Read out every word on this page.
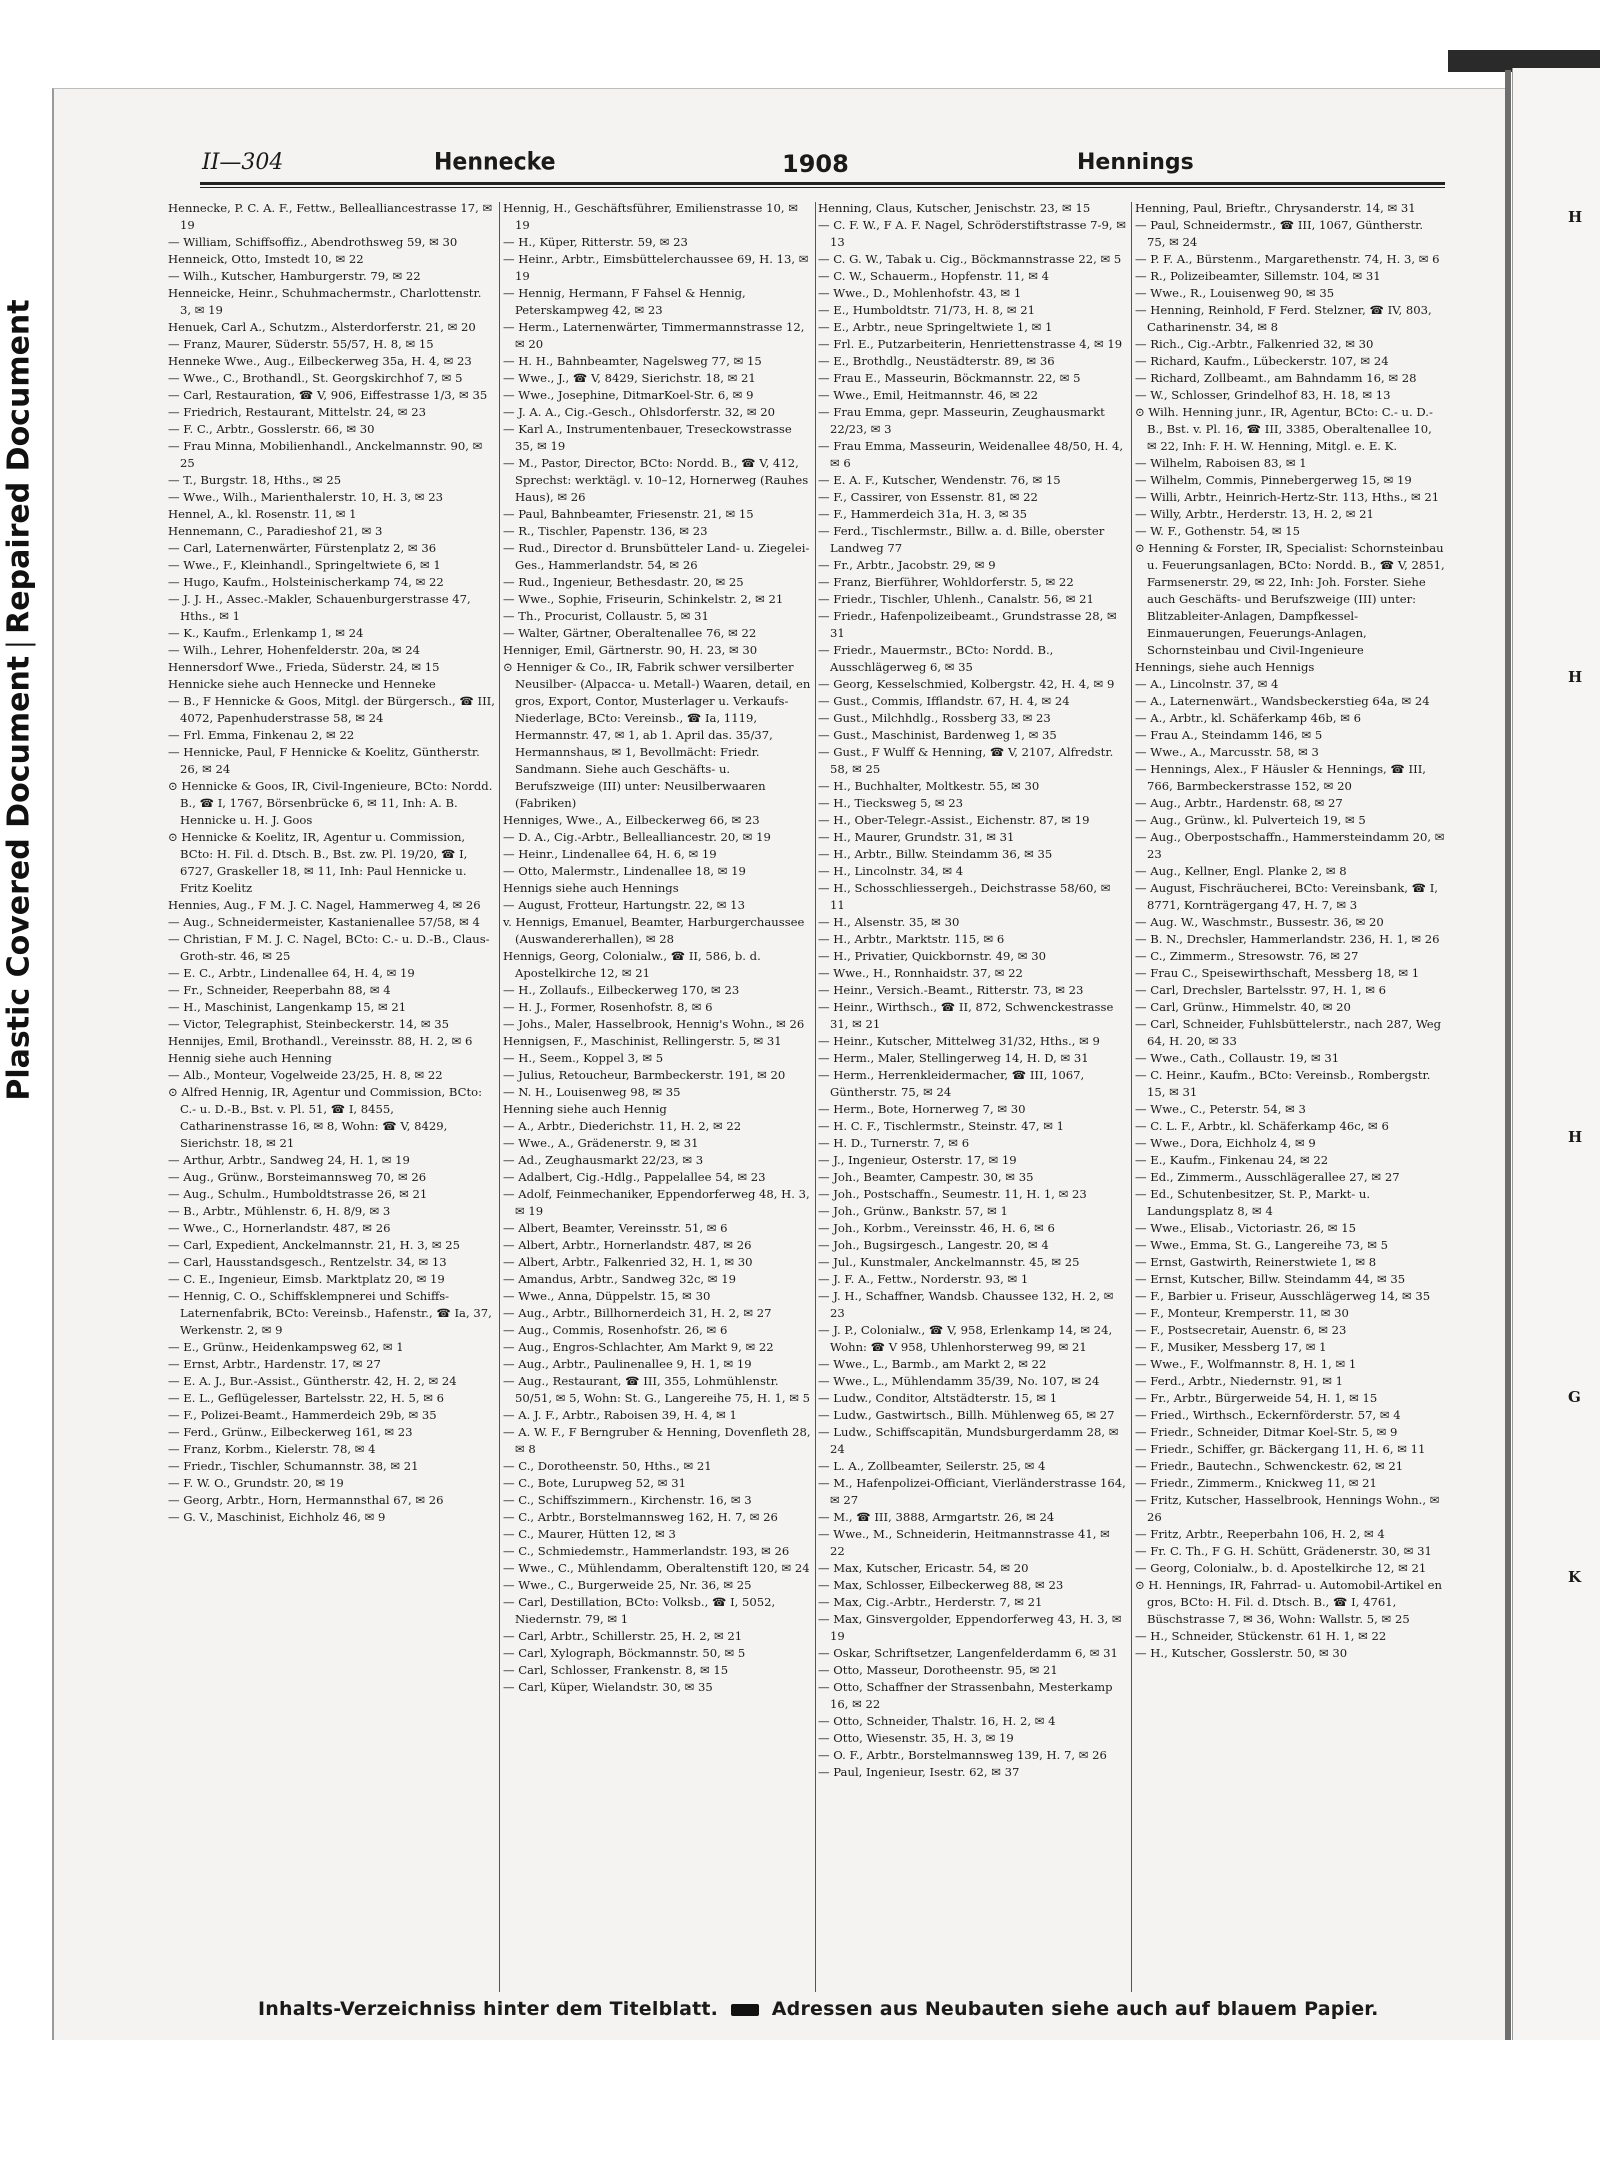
Plastic Covered DocumentRepaired Document
H
H
H
G
K
II—304	Hennecke	1908	Hennings

Hennecke, P. C. A. F., Fettw., Bellealliancestrasse 17, ✉ 19

— William, Schiffsoffiz., Abendrothsweg 59, ✉ 30

Henneick, Otto, Imstedt 10, ✉ 22

— Wilh., Kutscher, Hamburgerstr. 79, ✉ 22

Henneicke, Heinr., Schuhmachermstr., Charlottenstr. 3, ✉ 19

Henuek, Carl A., Schutzm., Alsterdorferstr. 21, ✉ 20

— Franz, Maurer, Süderstr. 55/57, H. 8, ✉ 15

Henneke Wwe., Aug., Eilbeckerweg 35a, H. 4, ✉ 23

— Wwe., C., Brothandl., St. Georgskirchhof 7, ✉ 5

— Carl, Restauration, ☎ V, 906, Eiffestrasse 1/3, ✉ 35

— Friedrich, Restaurant, Mittelstr. 24, ✉ 23

— F. C., Arbtr., Gosslerstr. 66, ✉ 30

— Frau Minna, Mobilienhandl., Anckelmannstr. 90, ✉ 25

— T., Burgstr. 18, Hths., ✉ 25

— Wwe., Wilh., Marienthalerstr. 10, H. 3, ✉ 23

Hennel, A., kl. Rosenstr. 11, ✉ 1

Hennemann, C., Paradieshof 21, ✉ 3

— Carl, Laternenwärter, Fürstenplatz 2, ✉ 36

— Wwe., F., Kleinhandl., Springeltwiete 6, ✉ 1

— Hugo, Kaufm., Holsteinischerkamp 74, ✉ 22

— J. J. H., Assec.-Makler, Schauenburgerstrasse 47, Hths., ✉ 1

— K., Kaufm., Erlenkamp 1, ✉ 24

— Wilh., Lehrer, Hohenfelderstr. 20a, ✉ 24

Hennersdorf Wwe., Frieda, Süderstr. 24, ✉ 15

Hennicke siehe auch Hennecke und Henneke

— B., F Hennicke & Goos, Mitgl. der Bürgersch., ☎ III, 4072, Papenhuderstrasse 58, ✉ 24

— Frl. Emma, Finkenau 2, ✉ 22

— Hennicke, Paul, F Hennicke & Koelitz, Güntherstr. 26, ✉ 24

⊙ Hennicke & Goos, IR, Civil-Ingenieure, BCto: Nordd. B., ☎ I, 1767, Börsenbrücke 6, ✉ 11, Inh: A. B. Hennicke u. H. J. Goos

⊙ Hennicke & Koelitz, IR, Agentur u. Commission, BCto: H. Fil. d. Dtsch. B., Bst. zw. Pl. 19/20, ☎ I, 6727, Graskeller 18, ✉ 11, Inh: Paul Hennicke u. Fritz Koelitz

Hennies, Aug., F M. J. C. Nagel, Hammerweg 4, ✉ 26

— Aug., Schneidermeister, Kastanienallee 57/58, ✉ 4

— Christian, F M. J. C. Nagel, BCto: C.- u. D.-B., Claus-Groth-str. 46, ✉ 25

— E. C., Arbtr., Lindenallee 64, H. 4, ✉ 19

— Fr., Schneider, Reeperbahn 88, ✉ 4

— H., Maschinist, Langenkamp 15, ✉ 21

— Victor, Telegraphist, Steinbeckerstr. 14, ✉ 35

Hennijes, Emil, Brothandl., Vereinsstr. 88, H. 2, ✉ 6

Hennig siehe auch Henning

— Alb., Monteur, Vogelweide 23/25, H. 8, ✉ 22

⊙ Alfred Hennig, IR, Agentur und Commission, BCto: C.- u. D.-B., Bst. v. Pl. 51, ☎ I, 8455, Catharinenstrasse 16, ✉ 8, Wohn: ☎ V, 8429, Sierichstr. 18, ✉ 21

— Arthur, Arbtr., Sandweg 24, H. 1, ✉ 19

— Aug., Grünw., Borsteimannsweg 70, ✉ 26

— Aug., Schulm., Humboldtstrasse 26, ✉ 21

— B., Arbtr., Mühlenstr. 6, H. 8/9, ✉ 3

— Wwe., C., Hornerlandstr. 487, ✉ 26

— Carl, Expedient, Anckelmannstr. 21, H. 3, ✉ 25

— Carl, Hausstandsgesch., Rentzelstr. 34, ✉ 13

— C. E., Ingenieur, Eimsb. Marktplatz 20, ✉ 19

— Hennig, C. O., Schiffsklempnerei und Schiffs-Laternenfabrik, BCto: Vereinsb., Hafenstr., ☎ Ia, 37, Werkenstr. 2, ✉ 9

— E., Grünw., Heidenkampsweg 62, ✉ 1

— Ernst, Arbtr., Hardenstr. 17, ✉ 27

— E. A. J., Bur.-Assist., Güntherstr. 42, H. 2, ✉ 24

— E. L., Geflügelesser, Bartelsstr. 22, H. 5, ✉ 6

— F., Polizei-Beamt., Hammerdeich 29b, ✉ 35

— Ferd., Grünw., Eilbeckerweg 161, ✉ 23

— Franz, Korbm., Kielerstr. 78, ✉ 4

— Friedr., Tischler, Schumannstr. 38, ✉ 21

— F. W. O., Grundstr. 20, ✉ 19

— Georg, Arbtr., Horn, Hermannsthal 67, ✉ 26

— G. V., Maschinist, Eichholz 46, ✉ 9

Hennig, H., Geschäftsführer, Emilienstrasse 10, ✉ 19

— H., Küper, Ritterstr. 59, ✉ 23

— Heinr., Arbtr., Eimsbüttelerchaussee 69, H. 13, ✉ 19

— Hennig, Hermann, F Fahsel & Hennig, Peterskampweg 42, ✉ 23

— Herm., Laternenwärter, Timmermannstrasse 12, ✉ 20

— H. H., Bahnbeamter, Nagelsweg 77, ✉ 15

— Wwe., J., ☎ V, 8429, Sierichstr. 18, ✉ 21

— Wwe., Josephine, DitmarKoel-Str. 6, ✉ 9

— J. A. A., Cig.-Gesch., Ohlsdorferstr. 32, ✉ 20

— Karl A., Instrumentenbauer, Treseckowstrasse 35, ✉ 19

— M., Pastor, Director, BCto: Nordd. B., ☎ V, 412, Sprechst: werktägl. v. 10–12, Hornerweg (Rauhes Haus), ✉ 26

— Paul, Bahnbeamter, Friesenstr. 21, ✉ 15

— R., Tischler, Papenstr. 136, ✉ 23

— Rud., Director d. Brunsbütteler Land- u. Ziegelei-Ges., Hammerlandstr. 54, ✉ 26

— Rud., Ingenieur, Bethesdastr. 20, ✉ 25

— Wwe., Sophie, Friseurin, Schinkelstr. 2, ✉ 21

— Th., Procurist, Collaustr. 5, ✉ 31

— Walter, Gärtner, Oberaltenallee 76, ✉ 22

Henniger, Emil, Gärtnerstr. 90, H. 23, ✉ 30

⊙ Henniger & Co., IR, Fabrik schwer versilberter Neusilber- (Alpacca- u. Metall-) Waaren, detail, en gros, Export, Contor, Musterlager u. Verkaufs-Niederlage, BCto: Vereinsb., ☎ Ia, 1119, Hermannstr. 47, ✉ 1, ab 1. April das. 35/37, Hermannshaus, ✉ 1, Bevollmächt: Friedr. Sandmann. Siehe auch Geschäfts- u. Berufszweige (III) unter: Neusilberwaaren (Fabriken)

Henniges, Wwe., A., Eilbeckerweg 66, ✉ 23

— D. A., Cig.-Arbtr., Bellealliancestr. 20, ✉ 19

— Heinr., Lindenallee 64, H. 6, ✉ 19

— Otto, Malermstr., Lindenallee 18, ✉ 19

Hennigs siehe auch Hennings

— August, Frotteur, Hartungstr. 22, ✉ 13

v. Hennigs, Emanuel, Beamter, Harburgerchaussee (Auswandererhallen), ✉ 28

Hennigs, Georg, Colonialw., ☎ II, 586, b. d. Apostelkirche 12, ✉ 21

— H., Zollaufs., Eilbeckerweg 170, ✉ 23

— H. J., Former, Rosenhofstr. 8, ✉ 6

— Johs., Maler, Hasselbrook, Hennig's Wohn., ✉ 26

Hennigsen, F., Maschinist, Rellingerstr. 5, ✉ 31

— H., Seem., Koppel 3, ✉ 5

— Julius, Retoucheur, Barmbeckerstr. 191, ✉ 20

— N. H., Louisenweg 98, ✉ 35

Henning siehe auch Hennig

— A., Arbtr., Diederichstr. 11, H. 2, ✉ 22

— Wwe., A., Grädenerstr. 9, ✉ 31

— Ad., Zeughausmarkt 22/23, ✉ 3

— Adalbert, Cig.-Hdlg., Pappelallee 54, ✉ 23

— Adolf, Feinmechaniker, Eppendorferweg 48, H. 3, ✉ 19

— Albert, Beamter, Vereinsstr. 51, ✉ 6

— Albert, Arbtr., Hornerlandstr. 487, ✉ 26

— Albert, Arbtr., Falkenried 32, H. 1, ✉ 30

— Amandus, Arbtr., Sandweg 32c, ✉ 19

— Wwe., Anna, Düppelstr. 15, ✉ 30

— Aug., Arbtr., Billhornerdeich 31, H. 2, ✉ 27

— Aug., Commis, Rosenhofstr. 26, ✉ 6

— Aug., Engros-Schlachter, Am Markt 9, ✉ 22

— Aug., Arbtr., Paulinenallee 9, H. 1, ✉ 19

— Aug., Restaurant, ☎ III, 355, Lohmühlenstr. 50/51, ✉ 5, Wohn: St. G., Langereihe 75, H. 1, ✉ 5

— A. J. F., Arbtr., Raboisen 39, H. 4, ✉ 1

— A. W. F., F Berngruber & Henning, Dovenfleth 28, ✉ 8

— C., Dorotheenstr. 50, Hths., ✉ 21

— C., Bote, Lurupweg 52, ✉ 31

— C., Schiffszimmern., Kirchenstr. 16, ✉ 3

— C., Arbtr., Borstelmannsweg 162, H. 7, ✉ 26

— C., Maurer, Hütten 12, ✉ 3

— C., Schmiedemstr., Hammerlandstr. 193, ✉ 26

— Wwe., C., Mühlendamm, Oberaltenstift 120, ✉ 24

— Wwe., C., Burgerweide 25, Nr. 36, ✉ 25

— Carl, Destillation, BCto: Volksb., ☎ I, 5052, Niedernstr. 79, ✉ 1

— Carl, Arbtr., Schillerstr. 25, H. 2, ✉ 21

— Carl, Xylograph, Böckmannstr. 50, ✉ 5

— Carl, Schlosser, Frankenstr. 8, ✉ 15

— Carl, Küper, Wielandstr. 30, ✉ 35

Henning, Claus, Kutscher, Jenischstr. 23, ✉ 15

— C. F. W., F A. F. Nagel, Schröderstiftstrasse 7-9, ✉ 13

— C. G. W., Tabak u. Cig., Böckmannstrasse 22, ✉ 5

— C. W., Schauerm., Hopfenstr. 11, ✉ 4

— Wwe., D., Mohlenhofstr. 43, ✉ 1

— E., Humboldtstr. 71/73, H. 8, ✉ 21

— E., Arbtr., neue Springeltwiete 1, ✉ 1

— Frl. E., Putzarbeiterin, Henriettenstrasse 4, ✉ 19

— E., Brothdlg., Neustädterstr. 89, ✉ 36

— Frau E., Masseurin, Böckmannstr. 22, ✉ 5

— Wwe., Emil, Heitmannstr. 46, ✉ 22

— Frau Emma, gepr. Masseurin, Zeughausmarkt 22/23, ✉ 3

— Frau Emma, Masseurin, Weidenallee 48/50, H. 4, ✉ 6

— E. A. F., Kutscher, Wendenstr. 76, ✉ 15

— F., Cassirer, von Essenstr. 81, ✉ 22

— F., Hammerdeich 31a, H. 3, ✉ 35

— Ferd., Tischlermstr., Billw. a. d. Bille, oberster Landweg 77

— Fr., Arbtr., Jacobstr. 29, ✉ 9

— Franz, Bierführer, Wohldorferstr. 5, ✉ 22

— Friedr., Tischler, Uhlenh., Canalstr. 56, ✉ 21

— Friedr., Hafenpolizeibeamt., Grundstrasse 28, ✉ 31

— Friedr., Mauermstr., BCto: Nordd. B., Ausschlägerweg 6, ✉ 35

— Georg, Kesselschmied, Kolbergstr. 42, H. 4, ✉ 9

— Gust., Commis, Ifflandstr. 67, H. 4, ✉ 24

— Gust., Milchhdlg., Rossberg 33, ✉ 23

— Gust., Maschinist, Bardenweg 1, ✉ 35

— Gust., F Wulff & Henning, ☎ V, 2107, Alfredstr. 58, ✉ 25

— H., Buchhalter, Moltkestr. 55, ✉ 30

— H., Tiecksweg 5, ✉ 23

— H., Ober-Telegr.-Assist., Eichenstr. 87, ✉ 19

— H., Maurer, Grundstr. 31, ✉ 31

— H., Arbtr., Billw. Steindamm 36, ✉ 35

— H., Lincolnstr. 34, ✉ 4

— H., Schosschliessergeh., Deichstrasse 58/60, ✉ 11

— H., Alsenstr. 35, ✉ 30

— H., Arbtr., Marktstr. 115, ✉ 6

— H., Privatier, Quickbornstr. 49, ✉ 30

— Wwe., H., Ronnhaidstr. 37, ✉ 22

— Heinr., Versich.-Beamt., Ritterstr. 73, ✉ 23

— Heinr., Wirthsch., ☎ II, 872, Schwenckestrasse 31, ✉ 21

— Heinr., Kutscher, Mittelweg 31/32, Hths., ✉ 9

— Herm., Maler, Stellingerweg 14, H. D, ✉ 31

— Herm., Herrenkleidermacher, ☎ III, 1067, Güntherstr. 75, ✉ 24

— Herm., Bote, Hornerweg 7, ✉ 30

— H. C. F., Tischlermstr., Steinstr. 47, ✉ 1

— H. D., Turnerstr. 7, ✉ 6

— J., Ingenieur, Osterstr. 17, ✉ 19

— Joh., Beamter, Campestr. 30, ✉ 35

— Joh., Postschaffn., Seumestr. 11, H. 1, ✉ 23

— Joh., Grünw., Bankstr. 57, ✉ 1

— Joh., Korbm., Vereinsstr. 46, H. 6, ✉ 6

— Joh., Bugsirgesch., Langestr. 20, ✉ 4

— Jul., Kunstmaler, Anckelmannstr. 45, ✉ 25

— J. F. A., Fettw., Norderstr. 93, ✉ 1

— J. H., Schaffner, Wandsb. Chaussee 132, H. 2, ✉ 23

— J. P., Colonialw., ☎ V, 958, Erlenkamp 14, ✉ 24, Wohn: ☎ V 958, Uhlenhorsterweg 99, ✉ 21

— Wwe., L., Barmb., am Markt 2, ✉ 22

— Wwe., L., Mühlendamm 35/39, No. 107, ✉ 24

— Ludw., Conditor, Altstädterstr. 15, ✉ 1

— Ludw., Gastwirtsch., Billh. Mühlenweg 65, ✉ 27

— Ludw., Schiffscapitän, Mundsburgerdamm 28, ✉ 24

— L. A., Zollbeamter, Seilerstr. 25, ✉ 4

— M., Hafenpolizei-Officiant, Vierländerstrasse 164, ✉ 27

— M., ☎ III, 3888, Armgartstr. 26, ✉ 24

— Wwe., M., Schneiderin, Heitmannstrasse 41, ✉ 22

— Max, Kutscher, Ericastr. 54, ✉ 20

— Max, Schlosser, Eilbeckerweg 88, ✉ 23

— Max, Cig.-Arbtr., Herderstr. 7, ✉ 21

— Max, Ginsvergolder, Eppendorferweg 43, H. 3, ✉ 19

— Oskar, Schriftsetzer, Langenfelderdamm 6, ✉ 31

— Otto, Masseur, Dorotheenstr. 95, ✉ 21

— Otto, Schaffner der Strassenbahn, Mesterkamp 16, ✉ 22

— Otto, Schneider, Thalstr. 16, H. 2, ✉ 4

— Otto, Wiesenstr. 35, H. 3, ✉ 19

— O. F., Arbtr., Borstelmannsweg 139, H. 7, ✉ 26

— Paul, Ingenieur, Isestr. 62, ✉ 37

Henning, Paul, Brieftr., Chrysanderstr. 14, ✉ 31

— Paul, Schneidermstr., ☎ III, 1067, Güntherstr. 75, ✉ 24

— P. F. A., Bürstenm., Margarethenstr. 74, H. 3, ✉ 6

— R., Polizeibeamter, Sillemstr. 104, ✉ 31

— Wwe., R., Louisenweg 90, ✉ 35

— Henning, Reinhold, F Ferd. Stelzner, ☎ IV, 803, Catharinenstr. 34, ✉ 8

— Rich., Cig.-Arbtr., Falkenried 32, ✉ 30

— Richard, Kaufm., Lübeckerstr. 107, ✉ 24

— Richard, Zollbeamt., am Bahndamm 16, ✉ 28

— W., Schlosser, Grindelhof 83, H. 18, ✉ 13

⊙ Wilh. Henning junr., IR, Agentur, BCto: C.- u. D.-B., Bst. v. Pl. 16, ☎ III, 3385, Oberaltenallee 10, ✉ 22, Inh: F. H. W. Henning, Mitgl. e. E. K.

— Wilhelm, Raboisen 83, ✉ 1

— Wilhelm, Commis, Pinnebergerweg 15, ✉ 19

— Willi, Arbtr., Heinrich-Hertz-Str. 113, Hths., ✉ 21

— Willy, Arbtr., Herderstr. 13, H. 2, ✉ 21

— W. F., Gothenstr. 54, ✉ 15

⊙ Henning & Forster, IR, Specialist: Schornsteinbau u. Feuerungsanlagen, BCto: Nordd. B., ☎ V, 2851, Farmsenerstr. 29, ✉ 22, Inh: Joh. Forster. Siehe auch Geschäfts- und Berufszweige (III) unter: Blitzableiter-Anlagen, Dampfkessel-Einmauerungen, Feuerungs-Anlagen, Schornsteinbau und Civil-Ingenieure

Hennings, siehe auch Hennigs

— A., Lincolnstr. 37, ✉ 4

— A., Laternenwärt., Wandsbeckerstieg 64a, ✉ 24

— A., Arbtr., kl. Schäferkamp 46b, ✉ 6

— Frau A., Steindamm 146, ✉ 5

— Wwe., A., Marcusstr. 58, ✉ 3

— Hennings, Alex., F Häusler & Hennings, ☎ III, 766, Barmbeckerstrasse 152, ✉ 20

— Aug., Arbtr., Hardenstr. 68, ✉ 27

— Aug., Grünw., kl. Pulverteich 19, ✉ 5

— Aug., Oberpostschaffn., Hammersteindamm 20, ✉ 23

— Aug., Kellner, Engl. Planke 2, ✉ 8

— August, Fischräucherei, BCto: Vereinsbank, ☎ I, 8771, Kornträgergang 47, H. 7, ✉ 3

— Aug. W., Waschmstr., Bussestr. 36, ✉ 20

— B. N., Drechsler, Hammerlandstr. 236, H. 1, ✉ 26

— C., Zimmerm., Stresowstr. 76, ✉ 27

— Frau C., Speisewirthschaft, Messberg 18, ✉ 1

— Carl, Drechsler, Bartelsstr. 97, H. 1, ✉ 6

— Carl, Grünw., Himmelstr. 40, ✉ 20

— Carl, Schneider, Fuhlsbüttelerstr., nach 287, Weg 64, H. 20, ✉ 33

— Wwe., Cath., Collaustr. 19, ✉ 31

— C. Heinr., Kaufm., BCto: Vereinsb., Rombergstr. 15, ✉ 31

— Wwe., C., Peterstr. 54, ✉ 3

— C. L. F., Arbtr., kl. Schäferkamp 46c, ✉ 6

— Wwe., Dora, Eichholz 4, ✉ 9

— E., Kaufm., Finkenau 24, ✉ 22

— Ed., Zimmerm., Ausschlägerallee 27, ✉ 27

— Ed., Schutenbesitzer, St. P., Markt- u. Landungsplatz 8, ✉ 4

— Wwe., Elisab., Victoriastr. 26, ✉ 15

— Wwe., Emma, St. G., Langereihe 73, ✉ 5

— Ernst, Gastwirth, Reinerstwiete 1, ✉ 8

— Ernst, Kutscher, Billw. Steindamm 44, ✉ 35

— F., Barbier u. Friseur, Ausschlägerweg 14, ✉ 35

— F., Monteur, Kremperstr. 11, ✉ 30

— F., Postsecretair, Auenstr. 6, ✉ 23

— F., Musiker, Messberg 17, ✉ 1

— Wwe., F., Wolfmannstr. 8, H. 1, ✉ 1

— Ferd., Arbtr., Niedernstr. 91, ✉ 1

— Fr., Arbtr., Bürgerweide 54, H. 1, ✉ 15

— Fried., Wirthsch., Eckernförderstr. 57, ✉ 4

— Friedr., Schneider, Ditmar Koel-Str. 5, ✉ 9

— Friedr., Schiffer, gr. Bäckergang 11, H. 6, ✉ 11

— Friedr., Bautechn., Schwenckestr. 62, ✉ 21

— Friedr., Zimmerm., Knickweg 11, ✉ 21

— Fritz, Kutscher, Hasselbrook, Hennings Wohn., ✉ 26

— Fritz, Arbtr., Reeperbahn 106, H. 2, ✉ 4

— Fr. C. Th., F G. H. Schütt, Grädenerstr. 30, ✉ 31

— Georg, Colonialw., b. d. Apostelkirche 12, ✉ 21

⊙ H. Hennings, IR, Fahrrad- u. Automobil-Artikel en gros, BCto: H. Fil. d. Dtsch. B., ☎ I, 4761, Büschstrasse 7, ✉ 36, Wohn: Wallstr. 5, ✉ 25

— H., Schneider, Stückenstr. 61 H. 1, ✉ 22

— H., Kutscher, Gosslerstr. 50, ✉ 30

Inhalts-Verzeichniss hinter dem Titelblatt.	Adressen aus Neubauten siehe auch auf blauem Papier.
